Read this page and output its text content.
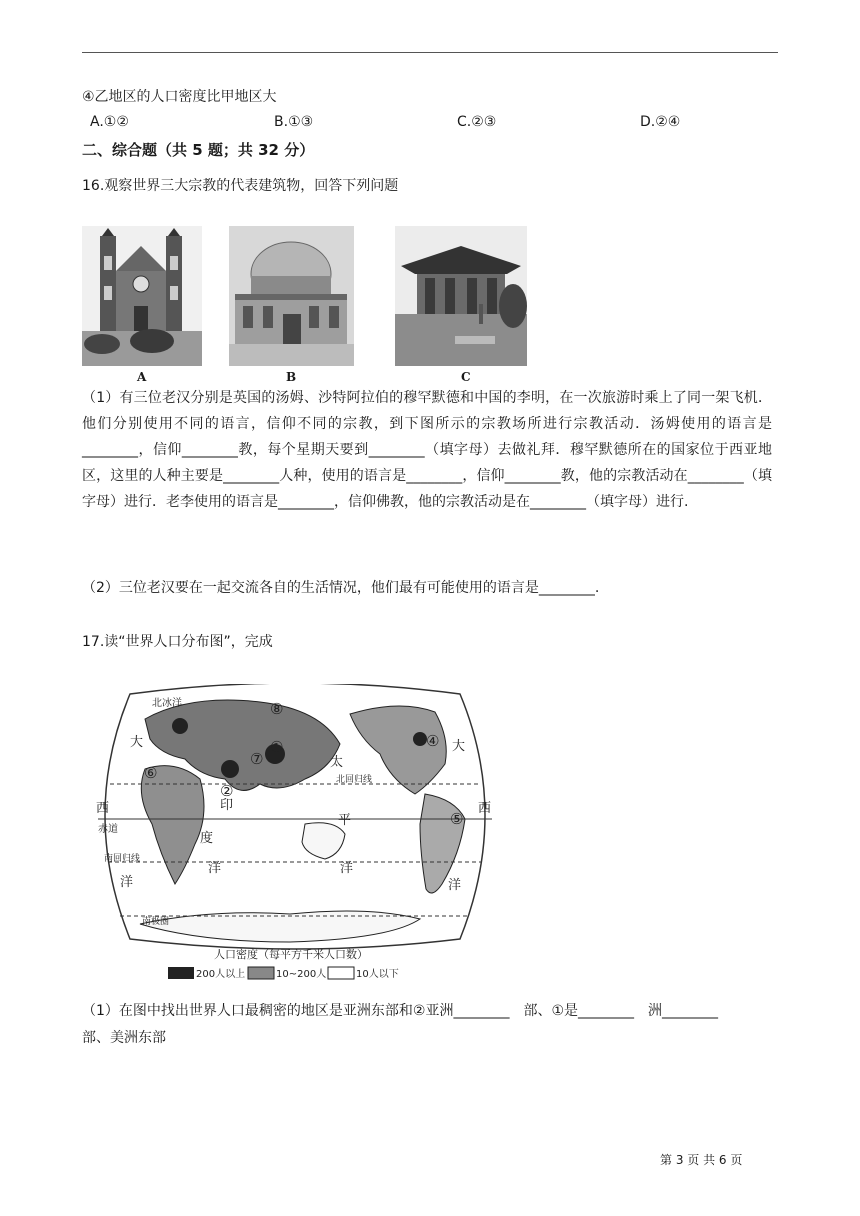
④乙地区的人口密度比甲地区大
A.①②	B.①③	C.②③	D.②④
二、综合题（共 5 题；共 32 分）
16.观察世界三大宗教的代表建筑物，回答下列问题
A	B	C
（1）有三位老汉分别是英国的汤姆、沙特阿拉伯的穆罕默德和中国的李明，在一次旅游时乘上了同一架飞机．他们分别使用不同的语言，信仰不同的宗教，到下图所示的宗教场所进行宗教活动．汤姆使用的语言是________，信仰________教，每个星期天要到________（填字母）去做礼拜．穆罕默德所在的国家位于西亚地区，这里的人种主要是________人种，使用的语言是________，信仰________教，他的宗教活动在________（填字母）进行．老李使用的语言是________，信仰佛教，他的宗教活动是在________（填字母）进行.
（2）三位老汉要在一起交流各自的生活情况，他们最有可能使用的语言是________.
17.读“世界人口分布图”，完成
北冰洋
太
平
洋
大
西
洋
大
西
洋
印
度
洋
北回归线
赤道
南回归线
南极圈
①
②
④
⑤
⑥
⑦
⑧
人口密度（每平方千米人口数）
200人以上	10~200人	10人以下
（1）在图中找出世界人口最稠密的地区是亚洲东部和②亚洲________　部、①是________　洲________
部、美洲东部
第 3 页 共 6 页
